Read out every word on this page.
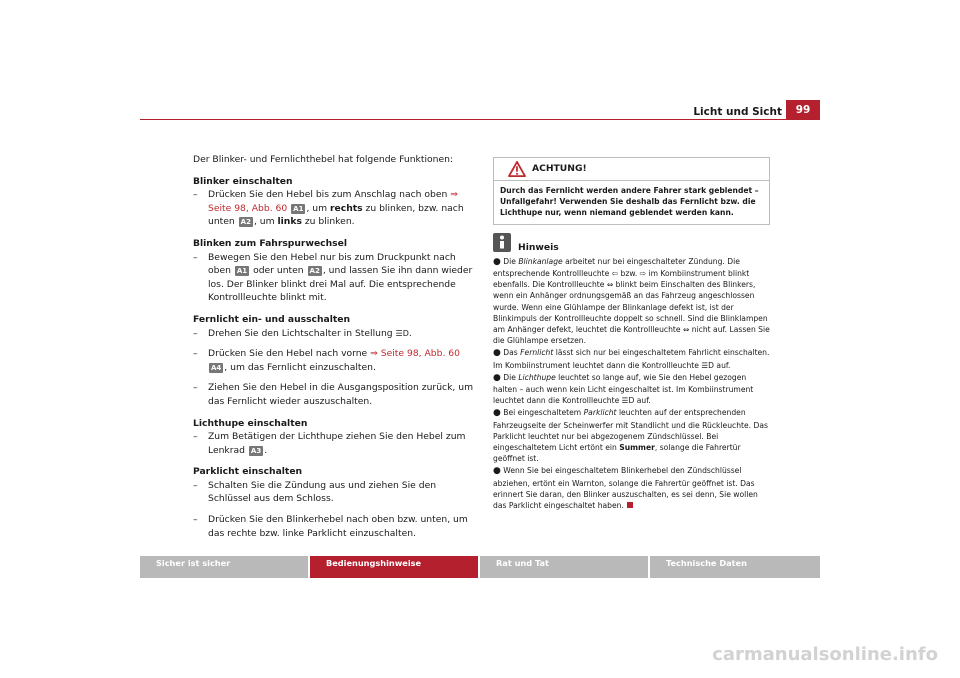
Licht und Sicht	99

Der Blinker- und Fernlichthebel hat folgende Funktionen:

Blinker einschalten

– Drücken Sie den Hebel bis zum Anschlag nach oben ⇒ Seite 98, Abb. 60 A1 , um rechts zu blinken, bzw. nach unten A2 , um links zu blinken.

Blinken zum Fahrspurwechsel

– Bewegen Sie den Hebel nur bis zum Druckpunkt nach oben A1 oder unten A2 , und lassen Sie ihn dann wieder los. Der Blinker blinkt drei Mal auf. Die entsprechende Kontrollleuchte blinkt mit.

Fernlicht ein- und ausschalten

– Drehen Sie den Lichtschalter in Stellung ☰D.

– Drücken Sie den Hebel nach vorne ⇒ Seite 98, Abb. 60 A4 , um das Fernlicht einzuschalten.

– Ziehen Sie den Hebel in die Ausgangsposition zurück, um das Fernlicht wieder auszuschalten.

Lichthupe einschalten

– Zum Betätigen der Lichthupe ziehen Sie den Hebel zum Lenkrad A3 .

Parklicht einschalten

– Schalten Sie die Zündung aus und ziehen Sie den Schlüssel aus dem Schloss.

– Drücken Sie den Blinkerhebel nach oben bzw. unten, um das rechte bzw. linke Parklicht einzuschalten.

ACHTUNG!
Durch das Fernlicht werden andere Fahrer stark geblendet – Unfallgefahr! Verwenden Sie deshalb das Fernlicht bzw. die Lichthupe nur, wenn niemand geblendet werden kann.
Hinweis

● Die Blinkanlage arbeitet nur bei eingeschalteter Zündung. Die entsprechende Kontrollleuchte ⇦ bzw. ⇨ im Kombiinstrument blinkt ebenfalls. Die Kontrollleuchte ⇔ blinkt beim Einschalten des Blinkers, wenn ein Anhänger ordnungsgemäß an das Fahrzeug angeschlossen wurde. Wenn eine Glühlampe der Blinkanlage defekt ist, ist der Blinkimpuls der Kontrollleuchte doppelt so schnell. Sind die Blinklampen am Anhänger defekt, leuchtet die Kontrollleuchte ⇔ nicht auf. Lassen Sie die Glühlampe ersetzen.

● Das Fernlicht lässt sich nur bei eingeschaltetem Fahrlicht einschalten. Im Kombiinstrument leuchtet dann die Kontrollleuchte ☰D auf.

● Die Lichthupe leuchtet so lange auf, wie Sie den Hebel gezogen halten – auch wenn kein Licht eingeschaltet ist. Im Kombiinstrument leuchtet dann die Kontrollleuchte ☰D auf.

● Bei eingeschaltetem Parklicht leuchten auf der entsprechenden Fahrzeugseite der Scheinwerfer mit Standlicht und die Rückleuchte. Das Parklicht leuchtet nur bei abgezogenem Zündschlüssel. Bei eingeschaltetem Licht ertönt ein Summer, solange die Fahrertür geöffnet ist.

● Wenn Sie bei eingeschaltetem Blinkerhebel den Zündschlüssel abziehen, ertönt ein Warnton, solange die Fahrertür geöffnet ist. Das erinnert Sie daran, den Blinker auszuschalten, es sei denn, Sie wollen das Parklicht eingeschaltet haben.

Sicher ist sicher	Bedienungshinweise	Rat und Tat	Technische Daten
carmanualsonline.info
